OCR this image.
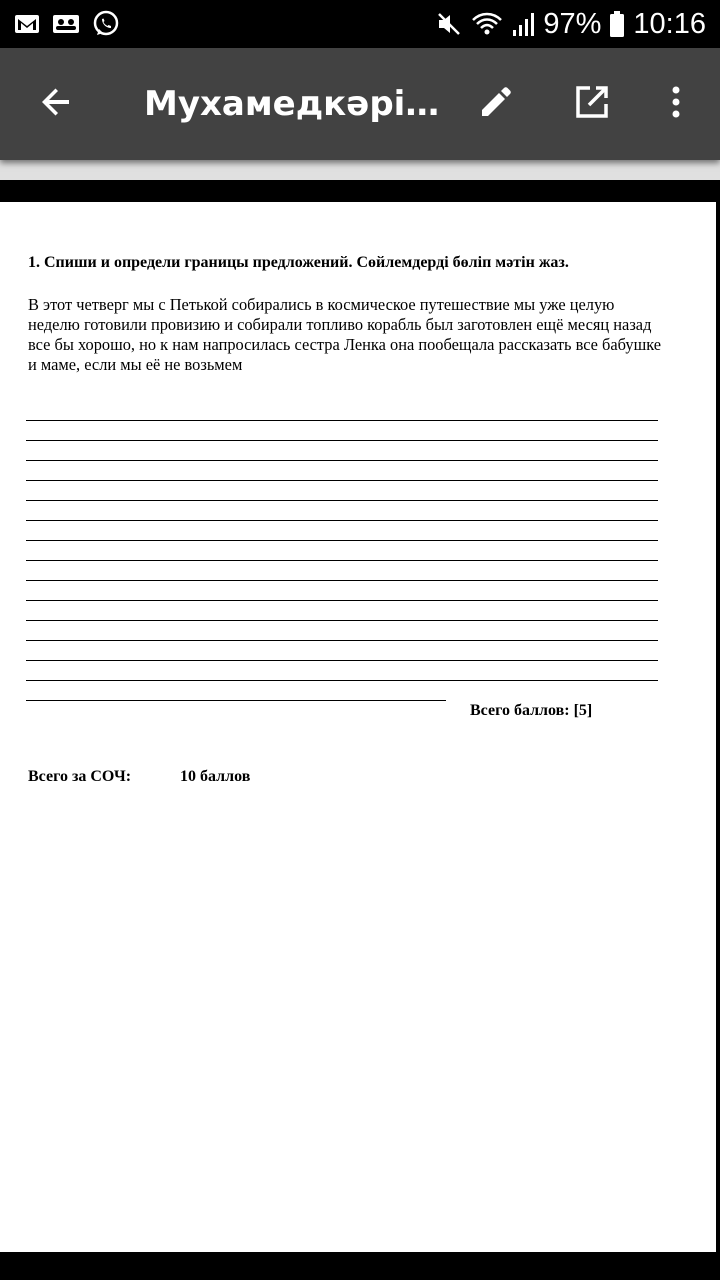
97% 10:16
Мухамедкәрі…
1. Спиши и определи границы предложений. Сөйлемдерді бөліп мәтін жаз.
В этот четверг мы с Петькой собирались в космическое путешествие мы уже целую неделю готовили провизию и собирали топливо корабль был заготовлен ещё месяц назад все бы хорошо, но к нам напросилась сестра Ленка она пообещала рассказать все бабушке и маме, если мы её не возьмем
Всего баллов: [5]
Всего за СОЧ:	10 баллов
